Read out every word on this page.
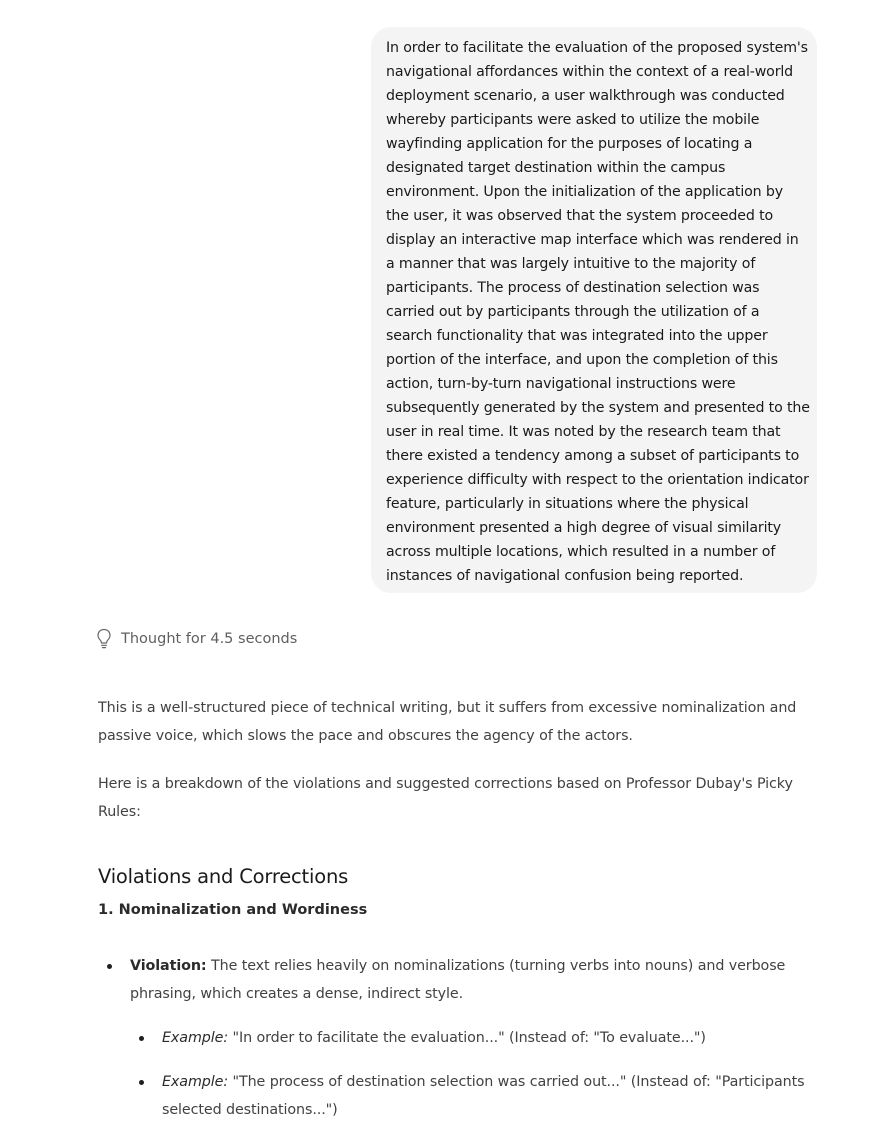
In order to facilitate the evaluation of the proposed system's
navigational affordances within the context of a real-world
deployment scenario, a user walkthrough was conducted
whereby participants were asked to utilize the mobile
wayfinding application for the purposes of locating a
designated target destination within the campus
environment. Upon the initialization of the application by
the user, it was observed that the system proceeded to
display an interactive map interface which was rendered in
a manner that was largely intuitive to the majority of
participants. The process of destination selection was
carried out by participants through the utilization of a
search functionality that was integrated into the upper
portion of the interface, and upon the completion of this
action, turn-by-turn navigational instructions were
subsequently generated by the system and presented to the
user in real time. It was noted by the research team that
there existed a tendency among a subset of participants to
experience difficulty with respect to the orientation indicator
feature, particularly in situations where the physical
environment presented a high degree of visual similarity
across multiple locations, which resulted in a number of
instances of navigational confusion being reported.
Thought for 4.5 seconds

This is a well-structured piece of technical writing, but it suffers from excessive nominalization and
passive voice, which slows the pace and obscures the agency of the actors.

Here is a breakdown of the violations and suggested corrections based on Professor Dubay's Picky
Rules:

Violations and Corrections
1. Nominalization and Wordiness
Violation: The text relies heavily on nominalizations (turning verbs into nouns) and verbose
phrasing, which creates a dense, indirect style.
Example: "In order to facilitate the evaluation..." (Instead of: "To evaluate...")
Example: "The process of destination selection was carried out..." (Instead of: "Participants
selected destinations...")
